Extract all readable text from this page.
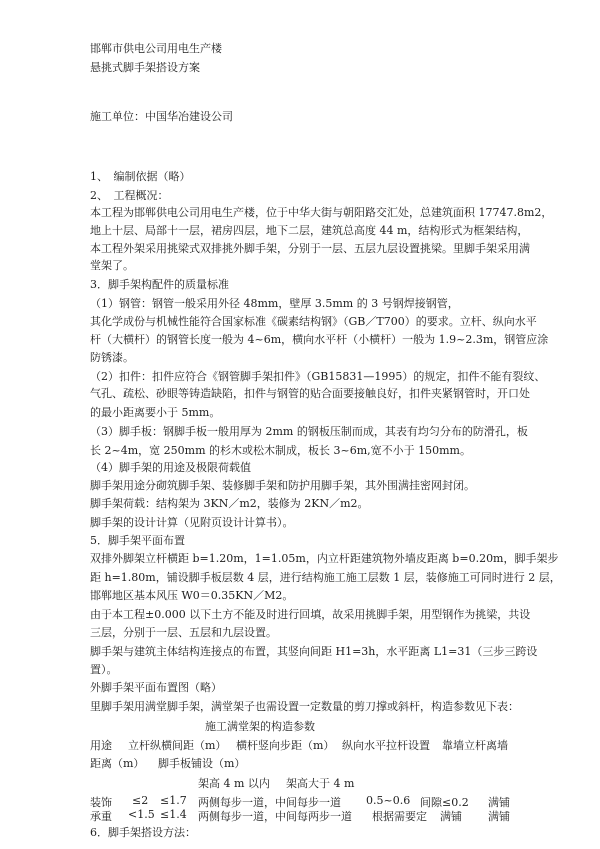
邯郸市供电公司用电生产楼
悬挑式脚手架搭设方案
施工单位：中国华冶建设公司
1、　编制依据（略）
2、　工程概况：
本工程为邯郸供电公司用电生产楼，位于中华大街与朝阳路交汇处，总建筑面积 17747.8m2，
地上十层、局部十一层，裙房四层，地下二层，建筑总高度 44 m，结构形式为框架结构，
本工程外架采用挑梁式双排挑外脚手架，分别于一层、五层九层设置挑梁。里脚手架采用满
堂架了。
3．脚手架构配件的质量标准
（1）钢管：钢管一般采用外径 48mm，壁厚 3.5mm 的 3 号钢焊接钢管，
其化学成份与机械性能符合国家标准《碳素结构钢》（GB／T700）的要求。立杆、纵向水平
杆（大横杆）的钢管长度一般为 4~6m，横向水平杆（小横杆）一般为 1.9~2.3m，钢管应涂
防锈漆。
（2）扣件：扣件应符合《钢管脚手架扣件》（GB15831—1995）的规定，扣件不能有裂纹、
气孔、疏松、砂眼等铸造缺陷，扣件与钢管的贴合面要接触良好，扣件夹紧钢管时，开口处
的最小距离要小于 5mm。
（3）脚手板：钢脚手板一般用厚为 2mm 的钢板压制而成，其表有均匀分布的防滑孔，板
长 2~4m，宽 250mm 的杉木或松木制成，板长 3~6m,宽不小于 150mm。
（4）脚手架的用途及极限荷载值
脚手架用途分砌筑脚手架、装修脚手架和防护用脚手架，其外围满挂密网封闭。
脚手架荷载：结构架为 3KN／m2，装修为 2KN／m2。
脚手架的设计计算（见附页设计计算书）。
5．脚手架平面布置
双排外脚架立杆横距 b=1.20m，1=1.05m，内立杆距建筑物外墙皮距离 b=0.20m，脚手架步
距 h=1.80m，铺设脚手板层数 4 层，进行结构施工施工层数 1 层，装修施工可同时进行 2 层，
邯郸地区基本风压 W0＝0.35KN／M2。
由于本工程±0.000 以下土方不能及时进行回填，故采用挑脚手架，用型钢作为挑梁，共设
三层，分别于一层、五层和九层设置。
脚手架与建筑主体结构连接点的布置，其竖向间距 H1=3h，水平距离 L1=31（三步三跨设
置）。
外脚手架平面布置图（略）
里脚手架用满堂脚手架，满堂架子也需设置一定数量的剪刀撑或斜杆，构造参数见下表：
施工满堂架的构造参数
用途 立杆纵横间距（m） 横杆竖向步距（m） 纵向水平拉杆设置 靠墙立杆离墙
距离（m） 脚手板铺设（m）
架高 4 m 以内 架高大于 4 m
装饰 ≤2 ≤1.7 两侧每步一道，中间每步一道 0.5~0.6 间隙≤0.2 满铺
承重 <1.5 ≤1.4 两侧每步一道，中间每两步一道 根据需要定 满铺 满铺
6．脚手架搭设方法：
